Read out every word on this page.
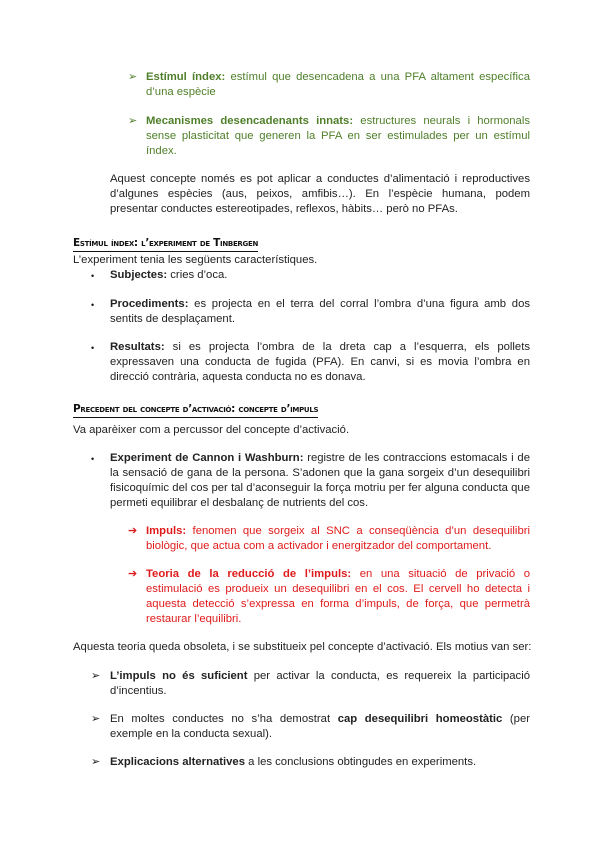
➢ Estímul índex: estímul que desencadena a una PFA altament específica d’una espècie
➢ Mecanismes desencadenants innats: estructures neurals i hormonals sense plasticitat que generen la PFA en ser estimulades per un estímul índex.
Aquest concepte només es pot aplicar a conductes d’alimentació i reproductives d’algunes espècies (aus, peixos, amfibis…). En l’espècie humana, podem presentar conductes estereotipades, reflexos, hàbits… però no PFAs.
Estímul índex: l’experiment de Tinbergen
L’experiment tenia les següents característiques.
• Subjectes: cries d’oca.
• Procediments: es projecta en el terra del corral l’ombra d’una figura amb dos sentits de desplaçament.
• Resultats: si es projecta l’ombra de la dreta cap a l’esquerra, els pollets expressaven una conducta de fugida (PFA). En canvi, si es movia l’ombra en direcció contrària, aquesta conducta no es donava.
Precedent del concepte d’activació: concepte d’impuls
Va aparèixer com a percussor del concepte d’activació.
• Experiment de Cannon i Washburn: registre de les contraccions estomacals i de la sensació de gana de la persona. S’adonen que la gana sorgeix d’un desequilibri fisicoquímic del cos per tal d’aconseguir la força motriu per fer alguna conducta que permeti equilibrar el desbalanç de nutrients del cos.
➔ Impuls: fenomen que sorgeix al SNC a conseqüència d’un desequilibri biològic, que actua com a activador i energitzador del comportament.
➔ Teoria de la reducció de l’impuls: en una situació de privació o estimulació es produeix un desequilibri en el cos. El cervell ho detecta i aquesta detecció s’expressa en forma d’impuls, de força, que permetrà restaurar l’equilibri.
Aquesta teoria queda obsoleta, i se substitueix pel concepte d’activació. Els motius van ser:
➢ L’impuls no és suficient per activar la conducta, es requereix la participació d’incentius.
➢ En moltes conductes no s’ha demostrat cap desequilibri homeostàtic (per exemple en la conducta sexual).
➢ Explicacions alternatives a les conclusions obtingudes en experiments.
